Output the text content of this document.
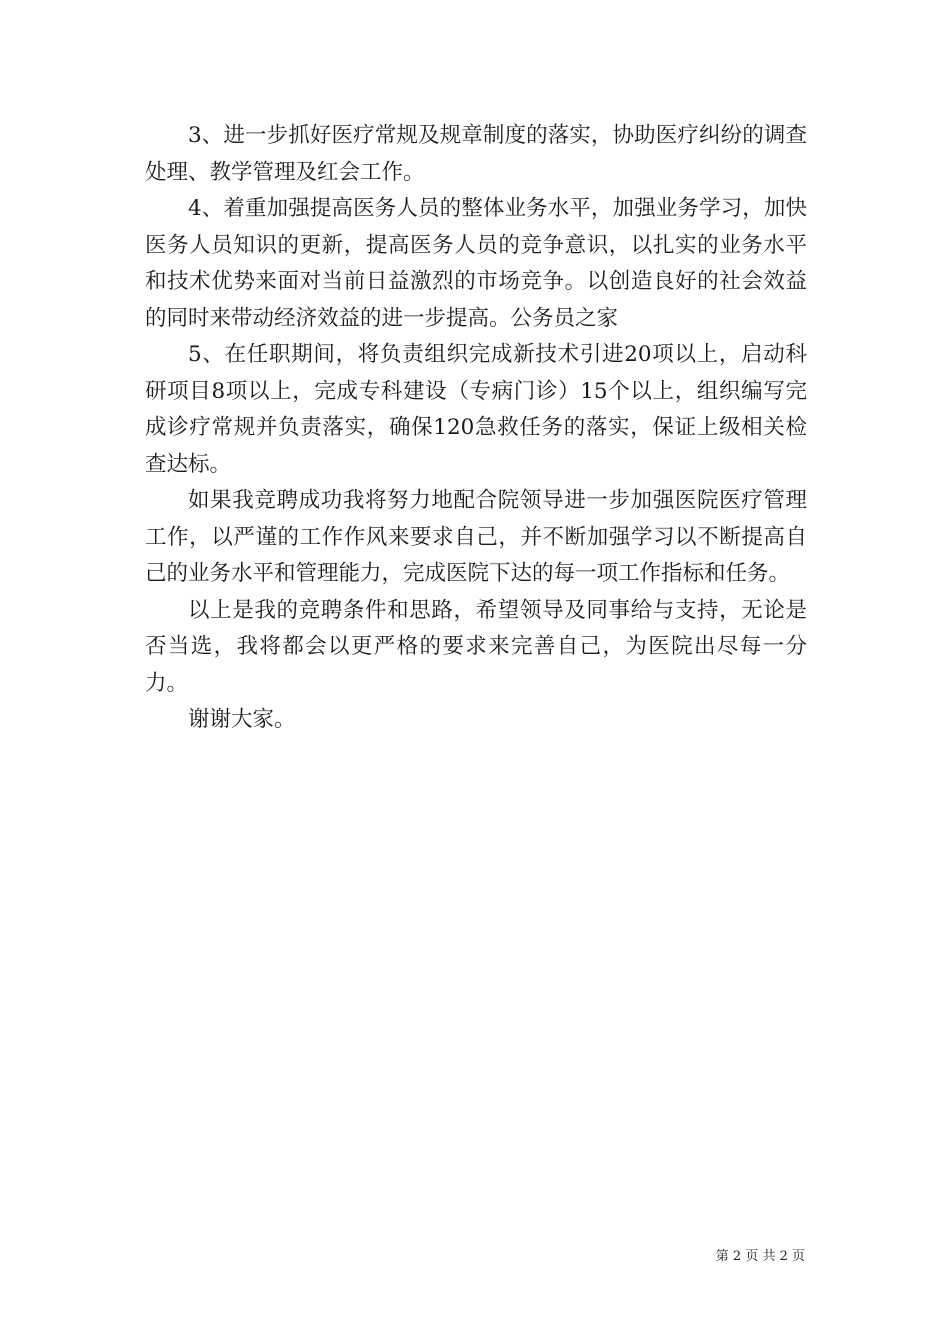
3、进一步抓好医疗常规及规章制度的落实，协助医疗纠纷的调查处理、教学管理及红会工作。

4、着重加强提高医务人员的整体业务水平，加强业务学习，加快医务人员知识的更新，提高医务人员的竞争意识，以扎实的业务水平和技术优势来面对当前日益激烈的市场竞争。以创造良好的社会效益的同时来带动经济效益的进一步提高。公务员之家

5、在任职期间，将负责组织完成新技术引进20项以上，启动科研项目8项以上，完成专科建设（专病门诊）15个以上，组织编写完成诊疗常规并负责落实，确保120急救任务的落实，保证上级相关检查达标。

如果我竞聘成功我将努力地配合院领导进一步加强医院医疗管理工作，以严谨的工作作风来要求自己，并不断加强学习以不断提高自己的业务水平和管理能力，完成医院下达的每一项工作指标和任务。

以上是我的竞聘条件和思路，希望领导及同事给与支持，无论是否当选，我将都会以更严格的要求来完善自己，为医院出尽每一分力。

谢谢大家。

第 2 页 共 2 页
